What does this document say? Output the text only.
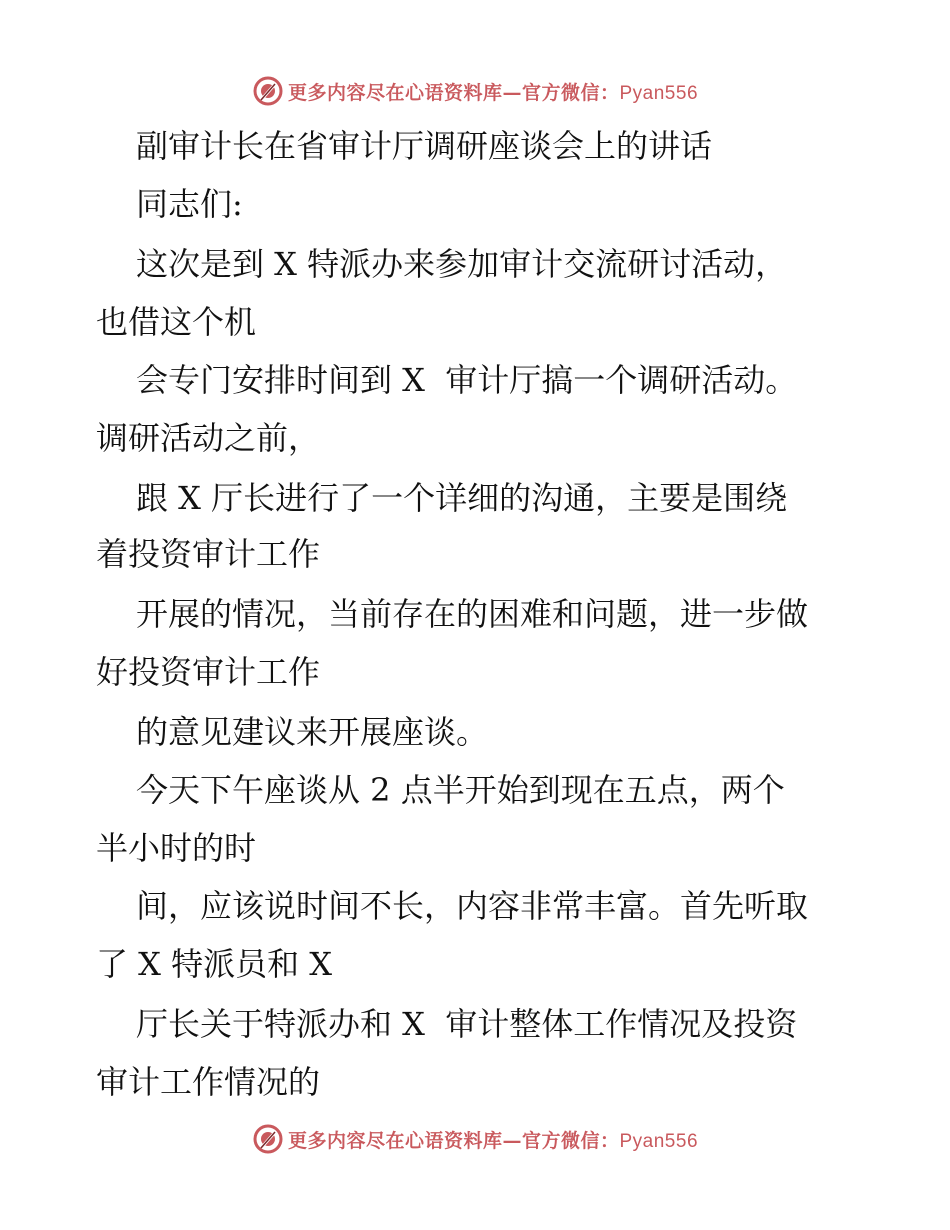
更多内容尽在心语资料库—官方微信：Pyan556
副审计长在省审计厅调研座谈会上的讲话
同志们:
这次是到 X 特派办来参加审计交流研讨活动，
也借这个机
会专门安排时间到 X  审计厅搞一个调研活动。
调研活动之前，
跟 X 厅长进行了一个详细的沟通，主要是围绕
着投资审计工作
开展的情况，当前存在的困难和问题，进一步做
好投资审计工作
的意见建议来开展座谈。
今天下午座谈从 2 点半开始到现在五点，两个
半小时的时
间，应该说时间不长，内容非常丰富。首先听取
了 X 特派员和 X
厅长关于特派办和 X  审计整体工作情况及投资
审计工作情况的
更多内容尽在心语资料库—官方微信：Pyan556
